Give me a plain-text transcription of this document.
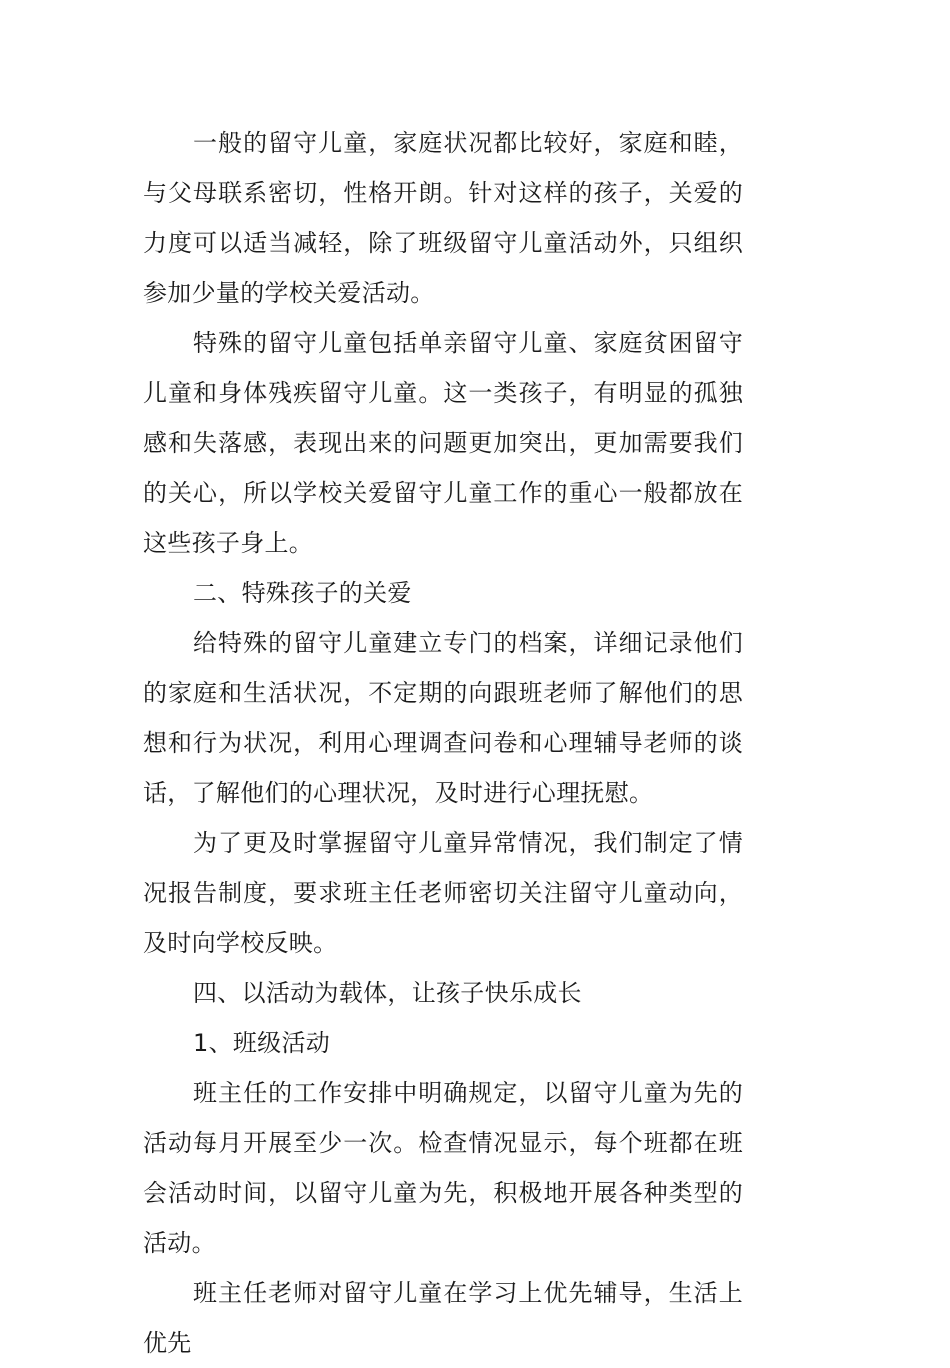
一般的留守儿童，家庭状况都比较好，家庭和睦，与父母联系密切，性格开朗。针对这样的孩子，关爱的力度可以适当减轻，除了班级留守儿童活动外，只组织参加少量的学校关爱活动。

特殊的留守儿童包括单亲留守儿童、家庭贫困留守儿童和身体残疾留守儿童。这一类孩子，有明显的孤独感和失落感，表现出来的问题更加突出，更加需要我们的关心，所以学校关爱留守儿童工作的重心一般都放在这些孩子身上。

二、特殊孩子的关爱

给特殊的留守儿童建立专门的档案，详细记录他们的家庭和生活状况，不定期的向跟班老师了解他们的思想和行为状况，利用心理调查问卷和心理辅导老师的谈话，了解他们的心理状况，及时进行心理抚慰。

为了更及时掌握留守儿童异常情况，我们制定了情况报告制度，要求班主任老师密切关注留守儿童动向，及时向学校反映。

四、以活动为载体，让孩子快乐成长

1、班级活动

班主任的工作安排中明确规定，以留守儿童为先的活动每月开展至少一次。检查情况显示，每个班都在班会活动时间，以留守儿童为先，积极地开展各种类型的活动。

班主任老师对留守儿童在学习上优先辅导，生活上优先
